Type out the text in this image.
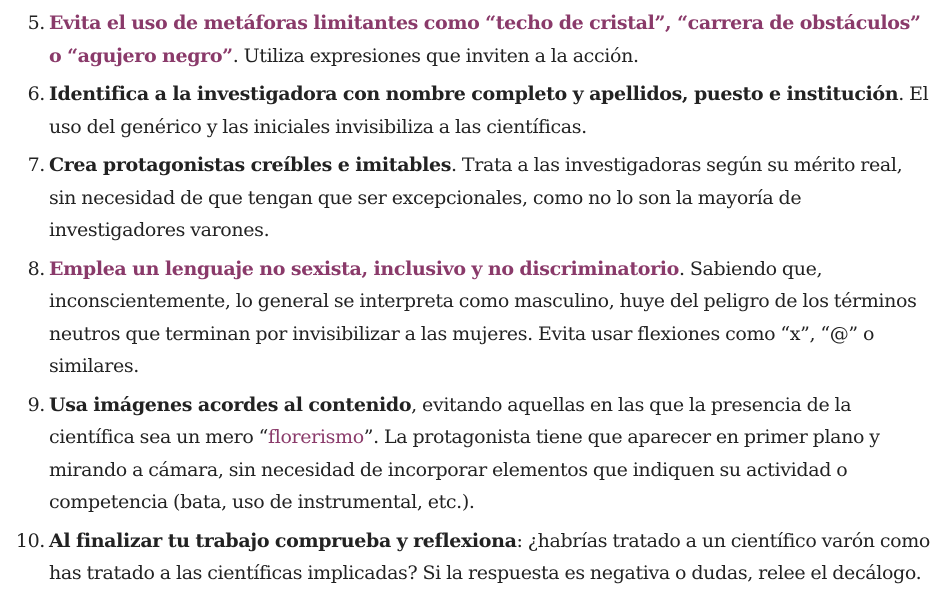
5. Evita el uso de metáforas limitantes como “techo de cristal”, “carrera de obstáculos” o “agujero negro”. Utiliza expresiones que inviten a la acción.
6. Identifica a la investigadora con nombre completo y apellidos, puesto e institución. El uso del genérico y las iniciales invisibiliza a las científicas.
7. Crea protagonistas creíbles e imitables. Trata a las investigadoras según su mérito real, sin necesidad de que tengan que ser excepcionales, como no lo son la mayoría de investigadores varones.
8. Emplea un lenguaje no sexista, inclusivo y no discriminatorio. Sabiendo que, inconscientemente, lo general se interpreta como masculino, huye del peligro de los términos neutros que terminan por invisibilizar a las mujeres. Evita usar flexiones como “x”, “@” o similares.
9. Usa imágenes acordes al contenido, evitando aquellas en las que la presencia de la científica sea un mero “florerismo”. La protagonista tiene que aparecer en primer plano y mirando a cámara, sin necesidad de incorporar elementos que indiquen su actividad o competencia (bata, uso de instrumental, etc.).
10. Al finalizar tu trabajo comprueba y reflexiona: ¿habrías tratado a un científico varón como has tratado a las científicas implicadas? Si la respuesta es negativa o dudas, relee el decálogo.
